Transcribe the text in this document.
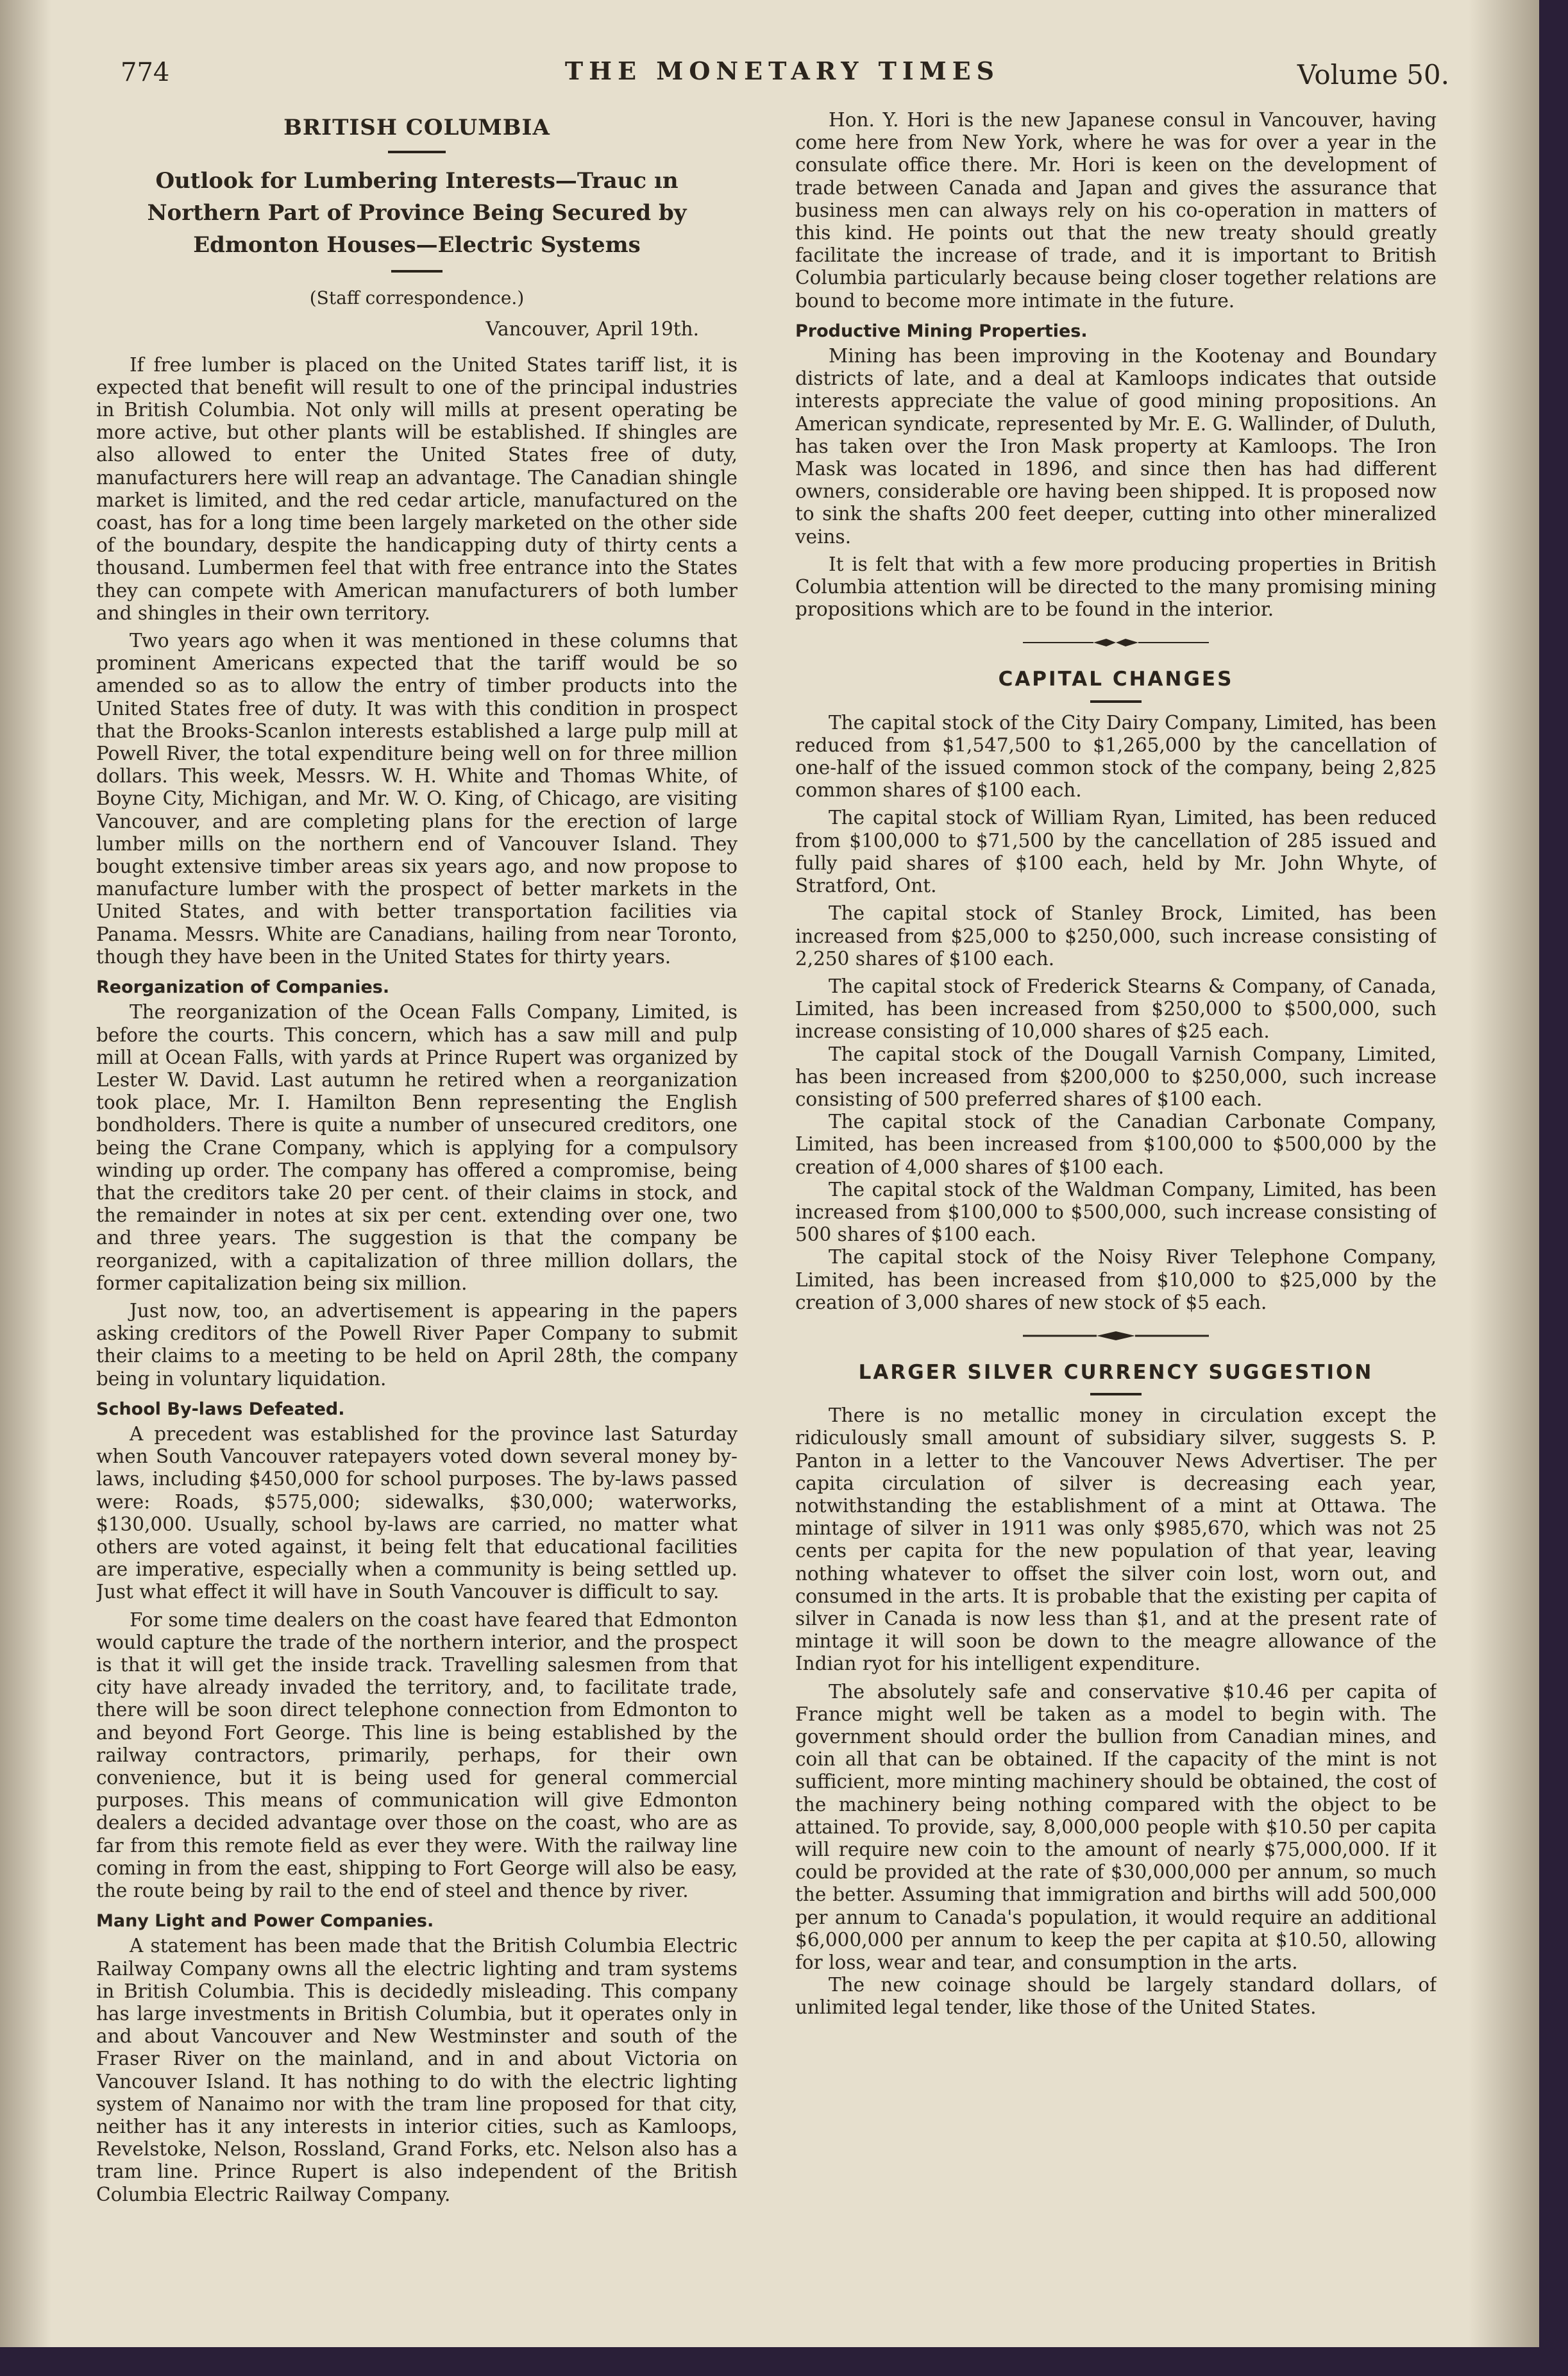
774	THE MONETARY TIMES	Volume 50.
BRITISH COLUMBIA
Outlook for Lumbering Interests—Trauc ın Northern Part of Province Being Secured by Edmonton Houses—Electric Systems

(Staff correspondence.)

Vancouver, April 19th.

If free lumber is placed on the United States tariff list, it is expected that benefit will result to one of the principal industries in British Columbia. Not only will mills at present operating be more active, but other plants will be established. If shingles are also allowed to enter the United States free of duty, manufacturers here will reap an advantage. The Canadian shingle market is limited, and the red cedar article, manufactured on the coast, has for a long time been largely marketed on the other side of the boundary, despite the handicapping duty of thirty cents a thousand. Lumbermen feel that with free entrance into the States they can compete with American manufacturers of both lumber and shingles in their own territory.

Two years ago when it was mentioned in these columns that prominent Americans expected that the tariff would be so amended so as to allow the entry of timber products into the United States free of duty. It was with this condition in prospect that the Brooks-Scanlon interests established a large pulp mill at Powell River, the total expenditure being well on for three million dollars. This week, Messrs. W. H. White and Thomas White, of Boyne City, Michigan, and Mr. W. O. King, of Chicago, are visiting Vancouver, and are completing plans for the erection of large lumber mills on the northern end of Vancouver Island. They bought extensive timber areas six years ago, and now propose to manufacture lumber with the prospect of better markets in the United States, and with better transportation facilities via Panama. Messrs. White are Canadians, hailing from near Toronto, though they have been in the United States for thirty years.

Reorganization of Companies.

The reorganization of the Ocean Falls Company, Limited, is before the courts. This concern, which has a saw mill and pulp mill at Ocean Falls, with yards at Prince Rupert was organized by Lester W. David. Last autumn he retired when a reorganization took place, Mr. I. Hamilton Benn representing the English bondholders. There is quite a number of unsecured creditors, one being the Crane Company, which is applying for a compulsory winding up order. The company has offered a compromise, being that the creditors take 20 per cent. of their claims in stock, and the remainder in notes at six per cent. extending over one, two and three years. The suggestion is that the company be reorganized, with a capitalization of three million dollars, the former capitalization being six million.

Just now, too, an advertisement is appearing in the papers asking creditors of the Powell River Paper Company to submit their claims to a meeting to be held on April 28th, the company being in voluntary liquidation.

School By-laws Defeated.

A precedent was established for the province last Saturday when South Vancouver ratepayers voted down several money by-laws, including $450,000 for school purposes. The by-laws passed were: Roads, $575,000; sidewalks, $30,000; waterworks, $130,000. Usually, school by-laws are carried, no matter what others are voted against, it being felt that educational facilities are imperative, especially when a community is being settled up. Just what effect it will have in South Vancouver is difficult to say.

For some time dealers on the coast have feared that Edmonton would capture the trade of the northern interior, and the prospect is that it will get the inside track. Travelling salesmen from that city have already invaded the territory, and, to facilitate trade, there will be soon direct telephone connection from Edmonton to and beyond Fort George. This line is being established by the railway contractors, primarily, perhaps, for their own convenience, but it is being used for general commercial purposes. This means of communication will give Edmonton dealers a decided advantage over those on the coast, who are as far from this remote field as ever they were. With the railway line coming in from the east, shipping to Fort George will also be easy, the route being by rail to the end of steel and thence by river.

Many Light and Power Companies.

A statement has been made that the British Columbia Electric Railway Company owns all the electric lighting and tram systems in British Columbia. This is decidedly misleading. This company has large investments in British Columbia, but it operates only in and about Vancouver and New Westminster and south of the Fraser River on the mainland, and in and about Victoria on Vancouver Island. It has nothing to do with the electric lighting system of Nanaimo nor with the tram line proposed for that city, neither has it any interests in interior cities, such as Kamloops, Revelstoke, Nelson, Rossland, Grand Forks, etc. Nelson also has a tram line. Prince Rupert is also independent of the British Columbia Electric Railway Company.

Hon. Y. Hori is the new Japanese consul in Vancouver, having come here from New York, where he was for over a year in the consulate office there. Mr. Hori is keen on the development of trade between Canada and Japan and gives the assurance that business men can always rely on his co-operation in matters of this kind. He points out that the new treaty should greatly facilitate the increase of trade, and it is important to British Columbia particularly because being closer together relations are bound to become more intimate in the future.

Productive Mining Properties.

Mining has been improving in the Kootenay and Boundary districts of late, and a deal at Kamloops indicates that outside interests appreciate the value of good mining propositions. An American syndicate, represented by Mr. E. G. Wallinder, of Duluth, has taken over the Iron Mask property at Kamloops. The Iron Mask was located in 1896, and since then has had different owners, considerable ore having been shipped. It is proposed now to sink the shafts 200 feet deeper, cutting into other mineralized veins.

It is felt that with a few more producing properties in British Columbia attention will be directed to the many promising mining propositions which are to be found in the interior.

CAPITAL CHANGES

The capital stock of the City Dairy Company, Limited, has been reduced from $1,547,500 to $1,265,000 by the cancellation of one-half of the issued common stock of the company, being 2,825 common shares of $100 each.

The capital stock of William Ryan, Limited, has been reduced from $100,000 to $71,500 by the cancellation of 285 issued and fully paid shares of $100 each, held by Mr. John Whyte, of Stratford, Ont.

The capital stock of Stanley Brock, Limited, has been increased from $25,000 to $250,000, such increase consisting of 2,250 shares of $100 each.

The capital stock of Frederick Stearns & Company, of Canada, Limited, has been increased from $250,000 to $500,000, such increase consisting of 10,000 shares of $25 each.

The capital stock of the Dougall Varnish Company, Limited, has been increased from $200,000 to $250,000, such increase consisting of 500 preferred shares of $100 each.

The capital stock of the Canadian Carbonate Company, Limited, has been increased from $100,000 to $500,000 by the creation of 4,000 shares of $100 each.

The capital stock of the Waldman Company, Limited, has been increased from $100,000 to $500,000, such increase consisting of 500 shares of $100 each.

The capital stock of the Noisy River Telephone Company, Limited, has been increased from $10,000 to $25,000 by the creation of 3,000 shares of new stock of $5 each.

LARGER SILVER CURRENCY SUGGESTION

There is no metallic money in circulation except the ridiculously small amount of subsidiary silver, suggests S. P. Panton in a letter to the Vancouver News Advertiser. The per capita circulation of silver is decreasing each year, notwithstanding the establishment of a mint at Ottawa. The mintage of silver in 1911 was only $985,670, which was not 25 cents per capita for the new population of that year, leaving nothing whatever to offset the silver coin lost, worn out, and consumed in the arts. It is probable that the existing per capita of silver in Canada is now less than $1, and at the present rate of mintage it will soon be down to the meagre allowance of the Indian ryot for his intelligent expenditure.

The absolutely safe and conservative $10.46 per capita of France might well be taken as a model to begin with. The government should order the bullion from Canadian mines, and coin all that can be obtained. If the capacity of the mint is not sufficient, more minting machinery should be obtained, the cost of the machinery being nothing compared with the object to be attained. To provide, say, 8,000,000 people with $10.50 per capita will require new coin to the amount of nearly $75,000,000. If it could be provided at the rate of $30,000,000 per annum, so much the better. Assuming that immigration and births will add 500,000 per annum to Canada's population, it would require an additional $6,000,000 per annum to keep the per capita at $10.50, allowing for loss, wear and tear, and consumption in the arts.

The new coinage should be largely standard dollars, of unlimited legal tender, like those of the United States.
